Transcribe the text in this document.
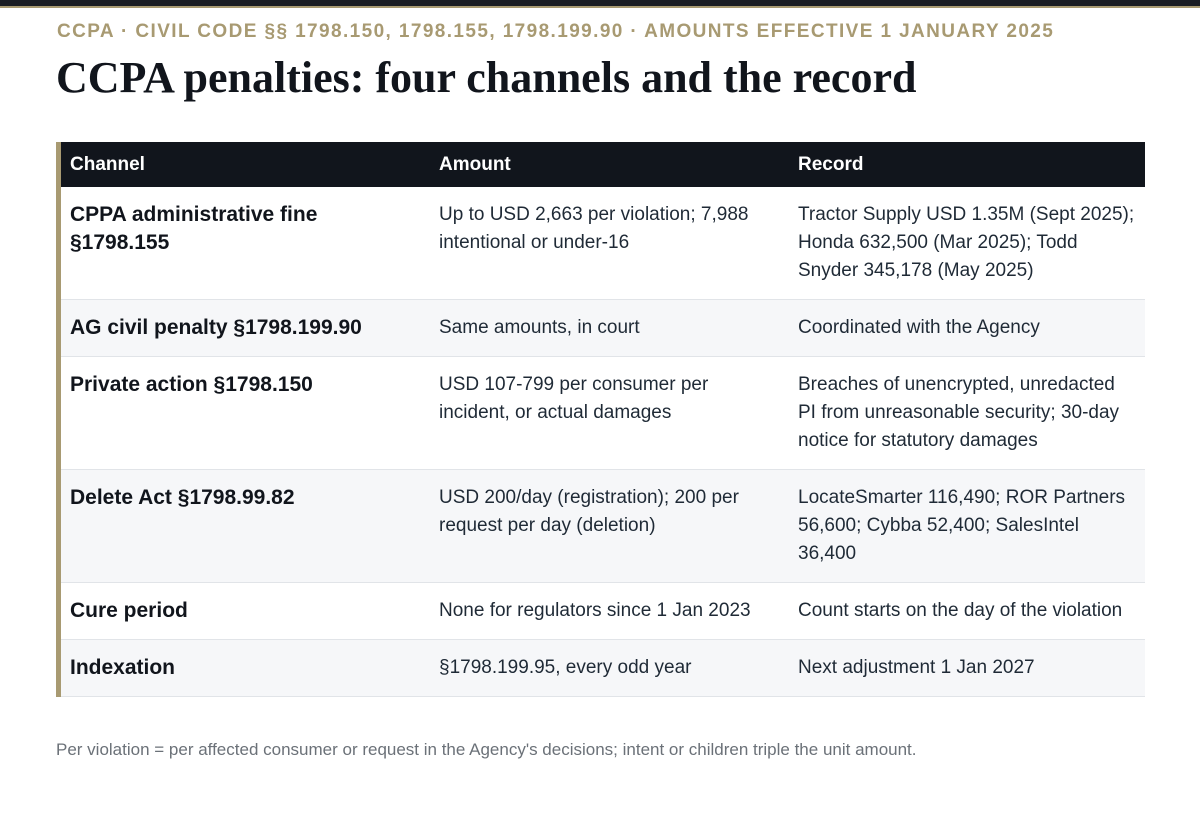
CCPA · CIVIL CODE §§ 1798.150, 1798.155, 1798.199.90 · AMOUNTS EFFECTIVE 1 JANUARY 2025

CCPA penalties: four channels and the record
Channel	Amount	Record
CPPA administrative fine §1798.155	Up to USD 2,663 per violation; 7,988 intentional or under-16	Tractor Supply USD 1.35M (Sept 2025); Honda 632,500 (Mar 2025); Todd Snyder 345,178 (May 2025)
AG civil penalty §1798.199.90	Same amounts, in court	Coordinated with the Agency
Private action §1798.150	USD 107-799 per consumer per incident, or actual damages	Breaches of unencrypted, unredacted PI from unreasonable security; 30-day notice for statutory damages
Delete Act §1798.99.82	USD 200/day (registration); 200 per request per day (deletion)	LocateSmarter 116,490; ROR Partners 56,600; Cybba 52,400; SalesIntel 36,400
Cure period	None for regulators since 1 Jan 2023	Count starts on the day of the violation
Indexation	§1798.199.95, every odd year	Next adjustment 1 Jan 2027

Per violation = per affected consumer or request in the Agency's decisions; intent or children triple the unit amount.
